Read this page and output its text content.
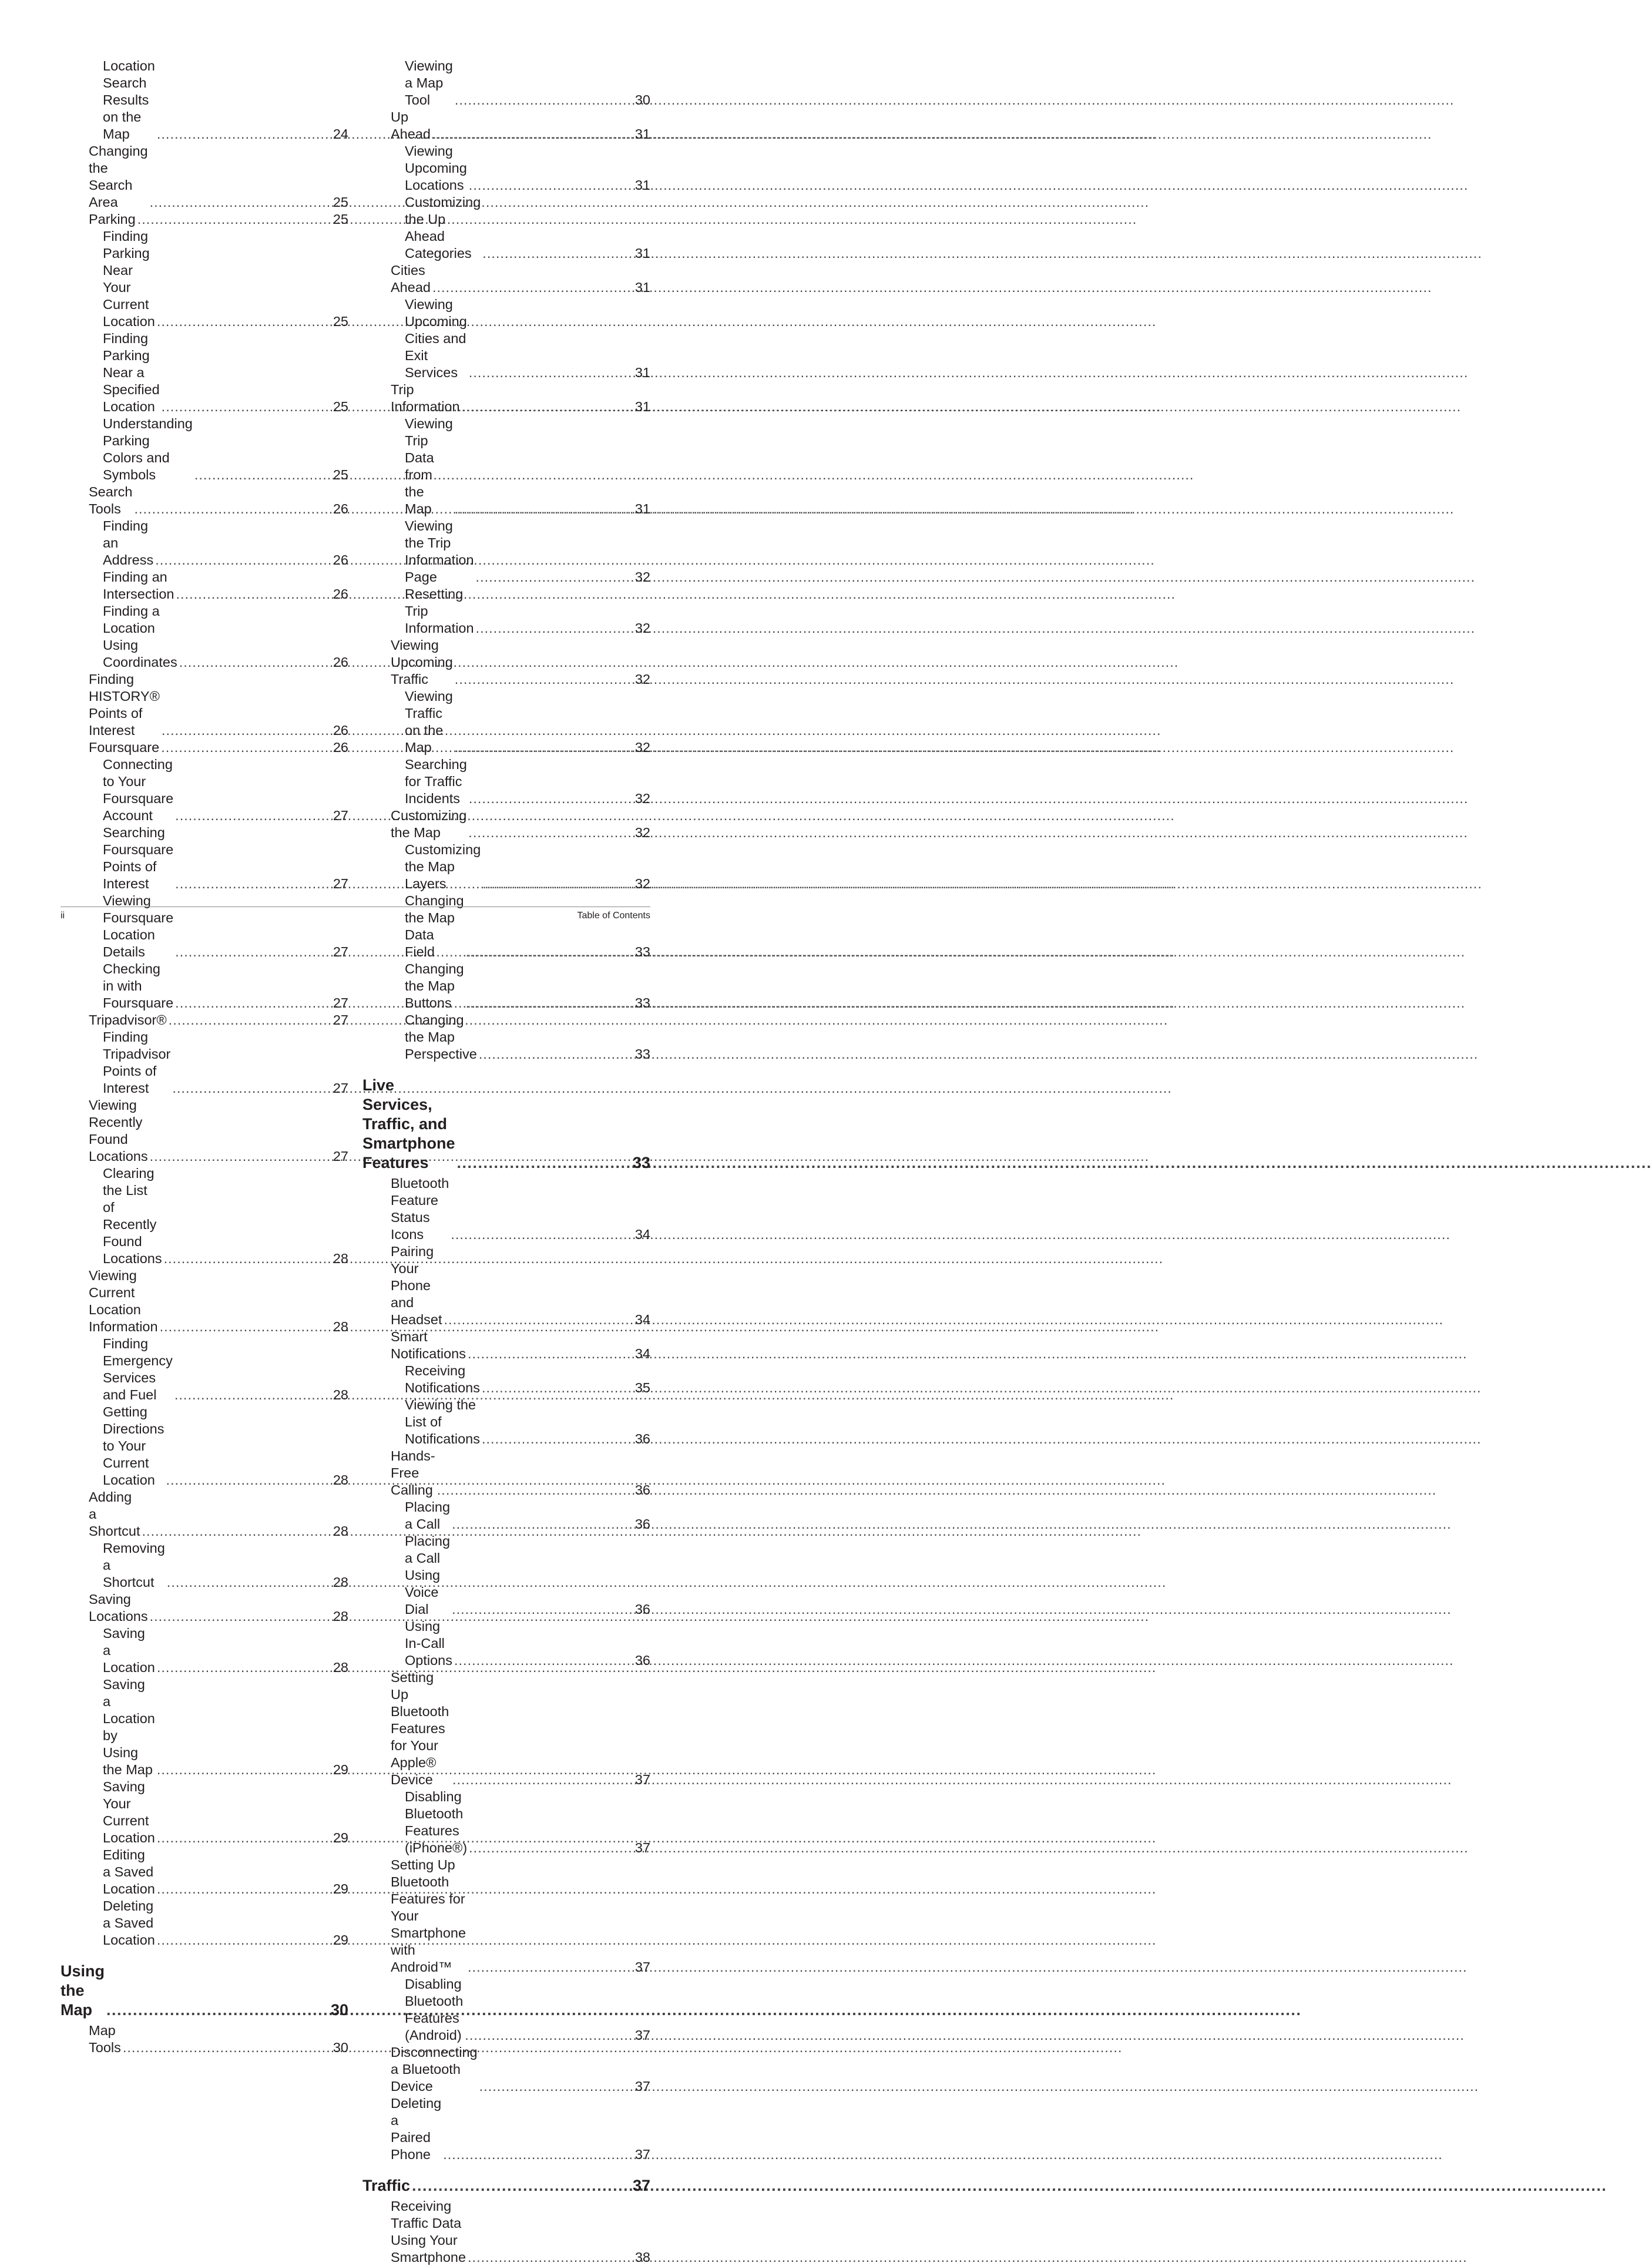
Location Search Results on the Map .....	24
Changing the Search Area .....	25
Parking .....	25
Finding Parking Near Your Current Location .....	25
Finding Parking Near a Specified Location .....	25
Understanding Parking Colors and Symbols .....	25
Search Tools .....	26
Finding an Address .....	26
Finding an Intersection .....	26
Finding a Location Using Coordinates .....	26
Finding HISTORY® Points of Interest .....	26
Foursquare .....	26
Connecting to Your Foursquare Account .....	27
Searching Foursquare Points of Interest .....	27
Viewing Foursquare Location Details .....	27
Checking in with Foursquare .....	27
Tripadvisor® .....	27
Finding Tripadvisor Points of Interest .....	27
Viewing Recently Found Locations .....	27
Clearing the List of Recently Found Locations .....	28
Viewing Current Location Information .....	28
Finding Emergency Services and Fuel .....	28
Getting Directions to Your Current Location .....	28
Adding a Shortcut .....	28
Removing a Shortcut .....	28
Saving Locations .....	28
Saving a Location .....	28
Saving a Location by Using the Map .....	29
Saving Your Current Location .....	29
Editing a Saved Location .....	29
Deleting a Saved Location .....	29
Using the Map .....	30
Map Tools .....	30
Viewing a Map Tool .....	30
Up Ahead .....	31
Viewing Upcoming Locations .....	31
Customizing the Up Ahead Categories .....	31
Cities Ahead .....	31
Viewing Upcoming Cities and Exit Services .....	31
Trip Information .....	31
Viewing Trip Data from the Map .....	31
Viewing the Trip Information Page .....	32
Resetting Trip Information .....	32
Viewing Upcoming Traffic .....	32
Viewing Traffic on the Map .....	32
Searching for Traffic Incidents .....	32
Customizing the Map .....	32
Customizing the Map Layers .....	32
Changing the Map Data Field .....	33
Changing the Map Buttons .....	33
Changing the Map Perspective .....	33
Live Services, Traffic, and Smartphone Features .....	33
Bluetooth Feature Status Icons .....	34
Pairing Your Phone and Headset .....	34
Smart Notifications .....	34
Receiving Notifications .....	35
Viewing the List of Notifications .....	36
Hands-Free Calling .....	36
Placing a Call .....	36
Placing a Call Using Voice Dial .....	36
Using In-Call Options .....	36
Setting Up Bluetooth Features for Your Apple® Device .....	37
Disabling Bluetooth Features (iPhone®) .....	37
Setting Up Bluetooth Features for Your Smartphone with Android™ .....	37
Disabling Bluetooth Features (Android) .....	37
Disconnecting a Bluetooth Device .....	37
Deleting a Paired Phone .....	37
Traffic .....	37
Receiving Traffic Data Using Your Smartphone .....	38
ii	Table of Contents
